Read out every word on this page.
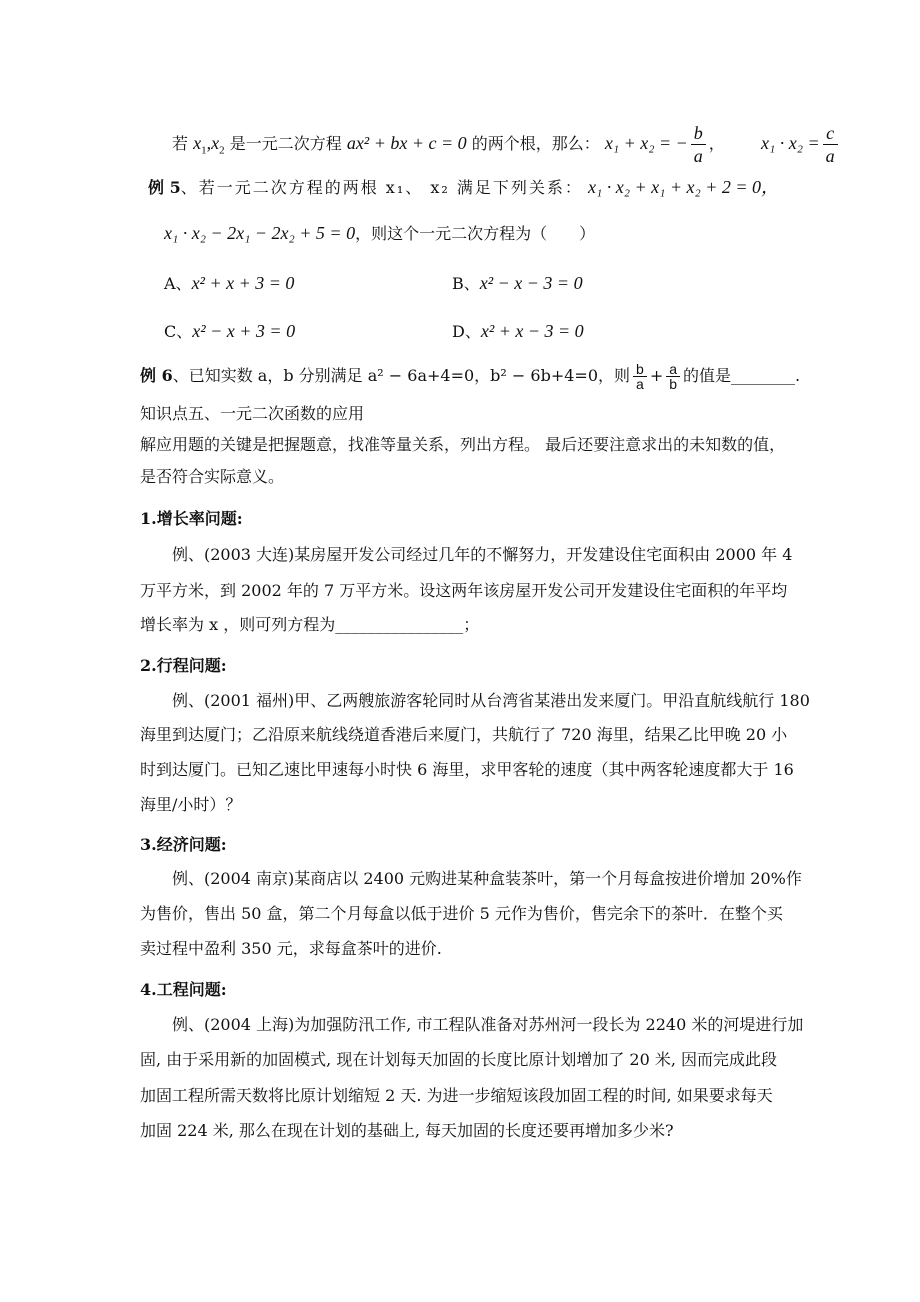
若 $x_1,x_2$ 是一元二次方程 ax² + bx + c = 0 的两个根，那么： x₁ + x₂ = − $\frac{b}{a}$ ， $x_1 \cdot x_2 = \frac{c}{a}$
例 5、若一元二次方程的两根 x₁、 x₂ 满足下列关系： x₁ · x₂ + x₁ + x₂ + 2 = 0，
x₁ · x₂ − 2x₁ − 2x₂ + 5 = 0，则这个一元二次方程为（　　）
A、x² + x + 3 = 0	B、x² − x − 3 = 0
C、x² − x + 3 = 0	D、x² + x − 3 = 0
例 6、已知实数 a，b 分别满足 a² − 6a+4=0，b² − 6b+4=0，则 $\frac{b}{a} + \frac{a}{b}$ 的值是________.
知识点五、一元二次函数的应用
解应用题的关键是把握题意，找准等量关系，列出方程。 最后还要注意求出的未知数的值，
是否符合实际意义。
1.增长率问题:
例、(2003 大连)某房屋开发公司经过几年的不懈努力，开发建设住宅面积由 2000 年 4
万平方米，到 2002 年的 7 万平方米。设这两年该房屋开发公司开发建设住宅面积的年平均
增长率为 x ，则可列方程为________________；
2.行程问题:
例、(2001 福州)甲、乙两艘旅游客轮同时从台湾省某港出发来厦门。甲沿直航线航行 180
海里到达厦门；乙沿原来航线绕道香港后来厦门，共航行了 720 海里，结果乙比甲晚 20 小
时到达厦门。已知乙速比甲速每小时快 6 海里，求甲客轮的速度（其中两客轮速度都大于 16
海里/小时）？
3.经济问题:
例、(2004 南京)某商店以 2400 元购进某种盒装茶叶，第一个月每盒按进价增加 20%作
为售价，售出 50 盒，第二个月每盒以低于进价 5 元作为售价，售完余下的茶叶．在整个买
卖过程中盈利 350 元，求每盒茶叶的进价.
4.工程问题:
例、(2004 上海)为加强防汛工作, 市工程队准备对苏州河一段长为 2240 米的河堤进行加
固, 由于采用新的加固模式, 现在计划每天加固的长度比原计划增加了 20 米, 因而完成此段
加固工程所需天数将比原计划缩短 2 天. 为进一步缩短该段加固工程的时间, 如果要求每天
加固 224 米, 那么在现在计划的基础上, 每天加固的长度还要再增加多少米?
